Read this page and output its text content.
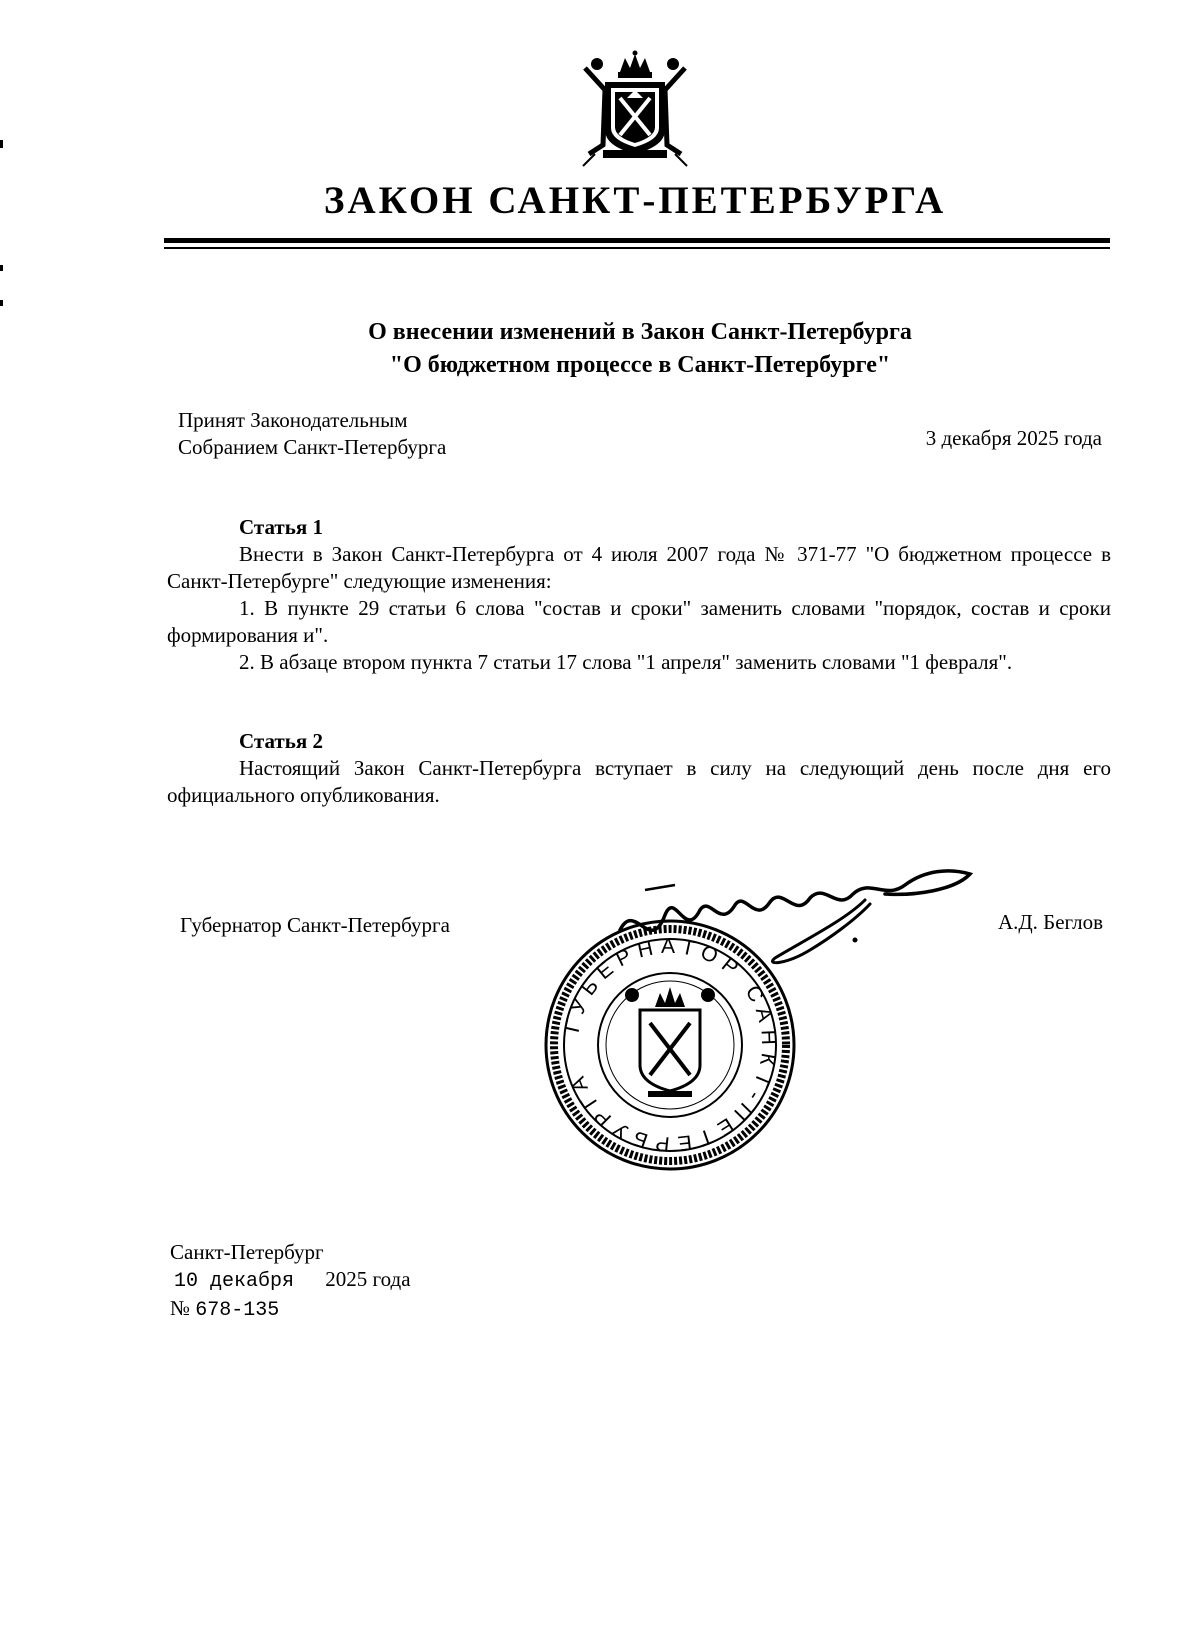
ЗАКОН САНКТ-ПЕТЕРБУРГА
О внесении изменений в Закон Санкт-Петербурга
"О бюджетном процессе в Санкт-Петербурге"
Принят Законодательным
Собранием Санкт-Петербурга	3 декабря 2025 года
Статья 1

Внести в Закон Санкт-Петербурга от 4 июля 2007 года № 371-77 "О бюджетном процессе в Санкт-Петербурге" следующие изменения:

1. В пункте 29 статьи 6 слова "состав и сроки" заменить словами "порядок, состав и сроки формирования и".

2. В абзаце втором пункта 7 статьи 17 слова "1 апреля" заменить словами "1 февраля".

Статья 2

Настоящий Закон Санкт-Петербурга вступает в силу на следующий день после дня его официального опубликования.

Губернатор Санкт-Петербурга	А.Д. Беглов
ГУБЕРНАТОР САНКТ-ПЕТЕРБУРГА
Санкт-Петербург
10 декабря 2025 года
№ 678-135
